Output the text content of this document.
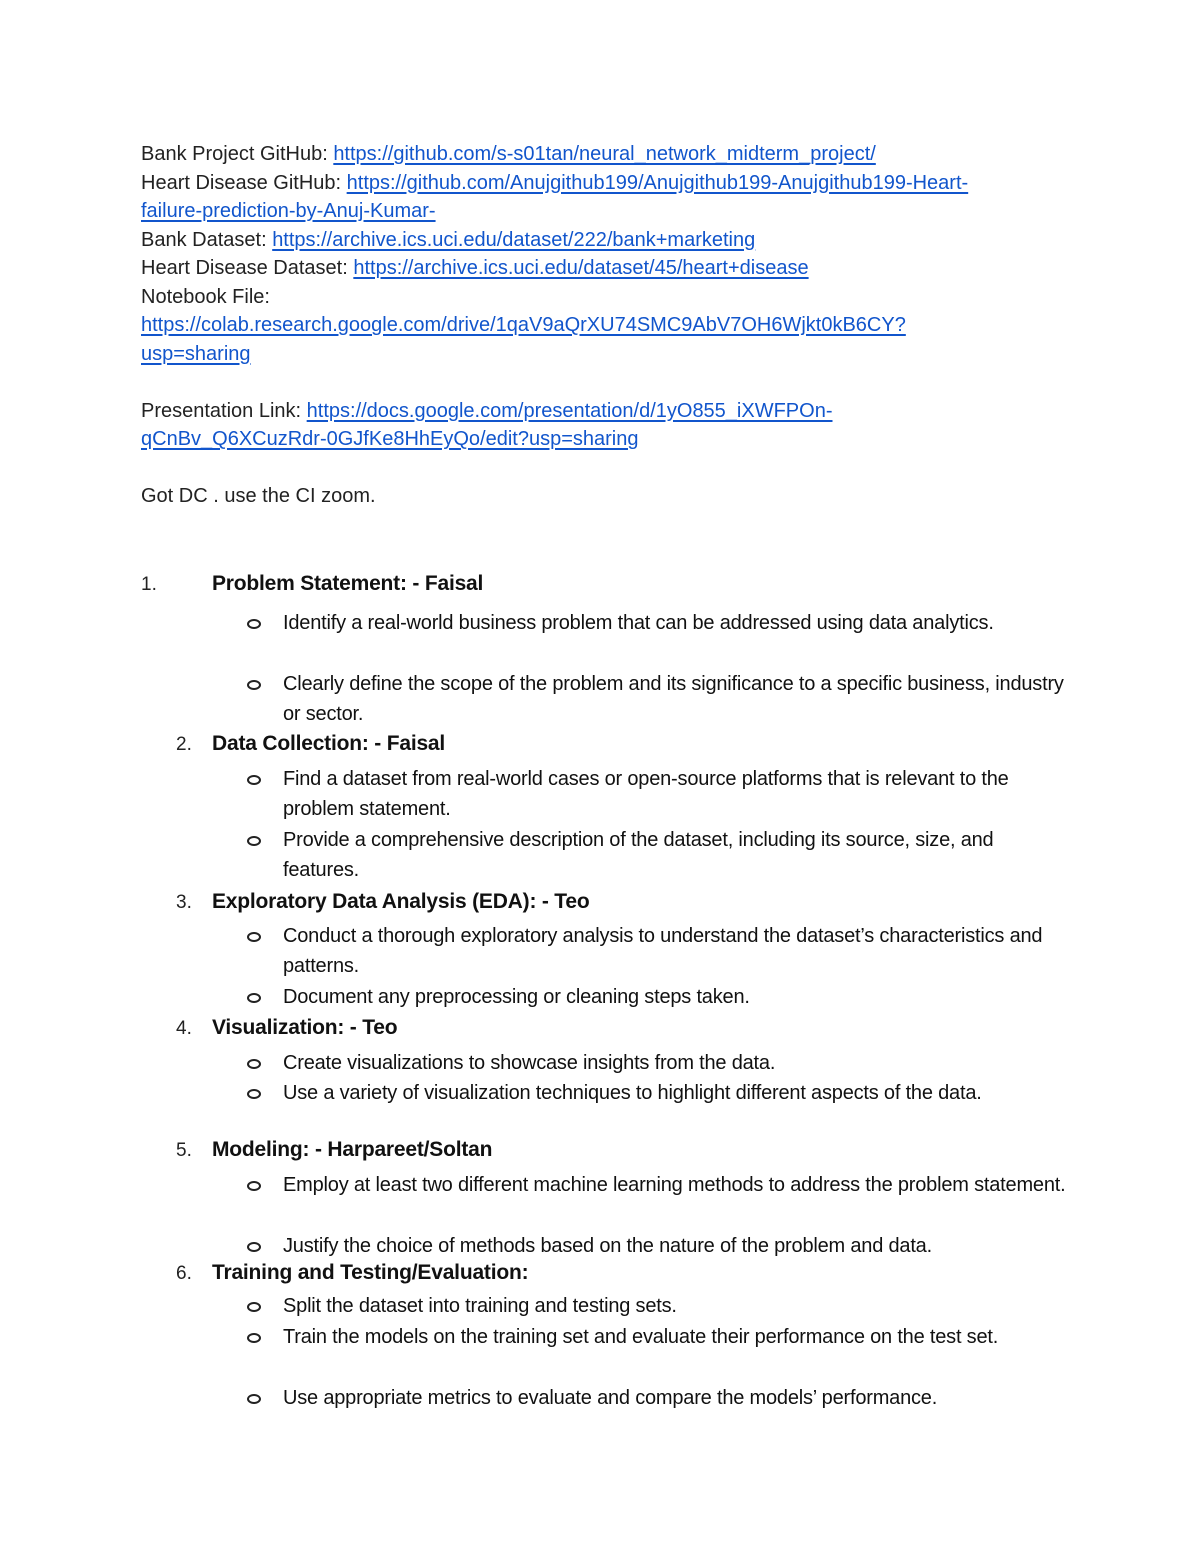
Bank Project GitHub: https://github.com/s-s01tan/neural_network_midterm_project/
Heart Disease GitHub: https://github.com/Anujgithub199/Anujgithub199-Anujgithub199-Heart-
failure-prediction-by-Anuj-Kumar-
Bank Dataset: https://archive.ics.uci.edu/dataset/222/bank+marketing
Heart Disease Dataset: https://archive.ics.uci.edu/dataset/45/heart+disease
Notebook File:
https://colab.research.google.com/drive/1qaV9aQrXU74SMC9AbV7OH6Wjkt0kB6CY?
usp=sharing
Presentation Link: https://docs.google.com/presentation/d/1yO855_iXWFPOn-
qCnBv_Q6XCuzRdr-0GJfKe8HhEyQo/edit?usp=sharing
Got DC . use the CI zoom.
1.	Problem Statement: - Faisal
Identify a real-world business problem that can be addressed using data analytics.
Clearly define the scope of the problem and its significance to a specific business, industry or sector.
2. Data Collection: - Faisal
Find a dataset from real-world cases or open-source platforms that is relevant to the problem statement.
Provide a comprehensive description of the dataset, including its source, size, and features.
3. Exploratory Data Analysis (EDA): - Teo
Conduct a thorough exploratory analysis to understand the dataset’s characteristics and patterns.
Document any preprocessing or cleaning steps taken.
4. Visualization: - Teo
Create visualizations to showcase insights from the data.
Use a variety of visualization techniques to highlight different aspects of the data.
5. Modeling: - Harpareet/Soltan
Employ at least two different machine learning methods to address the problem statement.
Justify the choice of methods based on the nature of the problem and data.
6. Training and Testing/Evaluation:
Split the dataset into training and testing sets.
Train the models on the training set and evaluate their performance on the test set.
Use appropriate metrics to evaluate and compare the models’ performance.
